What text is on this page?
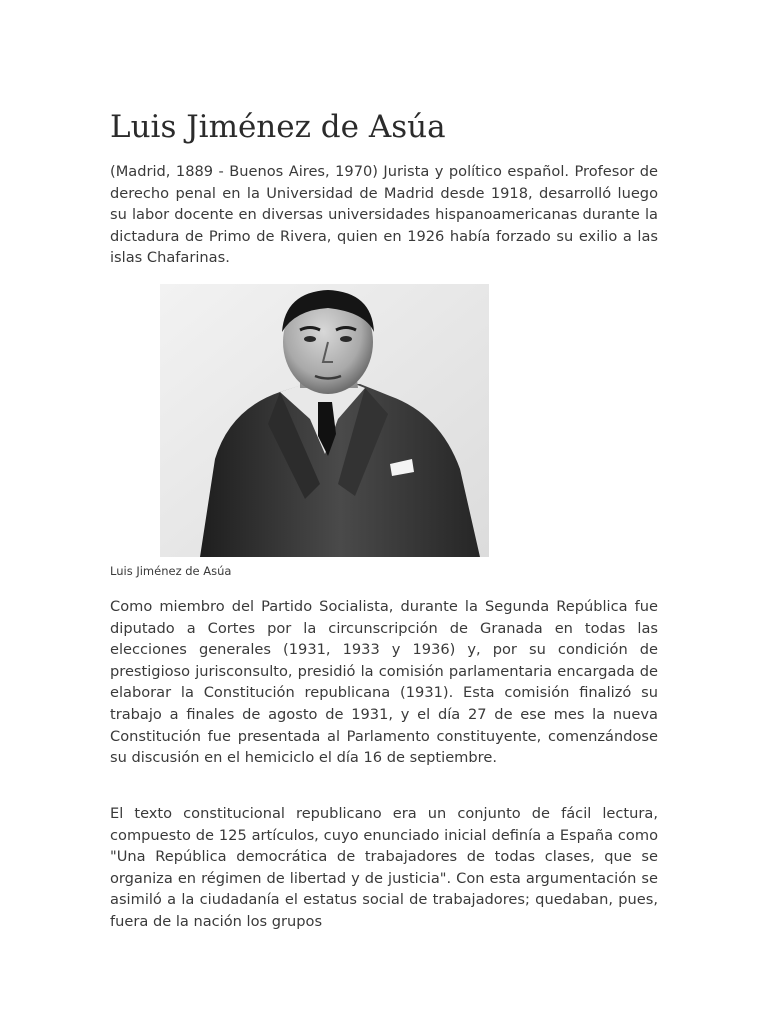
Luis Jiménez de Asúa

(Madrid, 1889 - Buenos Aires, 1970) Jurista y político español. Profesor de derecho penal en la Universidad de Madrid desde 1918, desarrolló luego su labor docente en diversas universidades hispanoamericanas durante la dictadura de Primo de Rivera, quien en 1926 había forzado su exilio a las islas Chafarinas.

Luis Jiménez de Asúa

Como miembro del Partido Socialista, durante la Segunda República fue diputado a Cortes por la circunscripción de Granada en todas las elecciones generales (1931, 1933 y 1936) y, por su condición de prestigioso jurisconsulto, presidió la comisión parlamentaria encargada de elaborar la Constitución republicana (1931). Esta comisión finalizó su trabajo a finales de agosto de 1931, y el día 27 de ese mes la nueva Constitución fue presentada al Parlamento constituyente, comenzándose su discusión en el hemiciclo el día 16 de septiembre.

El texto constitucional republicano era un conjunto de fácil lectura, compuesto de 125 artículos, cuyo enunciado inicial definía a España como "Una República democrática de trabajadores de todas clases, que se organiza en régimen de libertad y de justicia". Con esta argumentación se asimiló a la ciudadanía el estatus social de trabajadores; quedaban, pues, fuera de la nación los grupos
